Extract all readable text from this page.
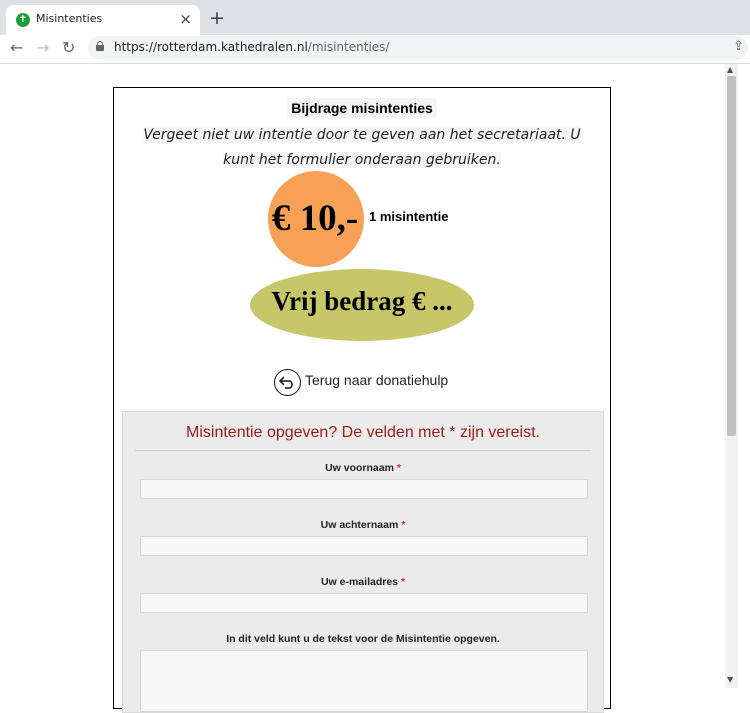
✝ Misintenties	× +
← → ↻	https://rotterdam.kathedralen.nl/misintenties/	⇪
▲
▼
Bijdrage misintenties
Vergeet niet uw intentie door te geven aan het secretariaat. U kunt het formulier onderaan gebruiken.
€ 10,- 1 misintentie
Vrij bedrag € ...
Terug naar donatiehulp
Misintentie opgeven? De velden met * zijn vereist.
Uw voornaam *
Uw achternaam *
Uw e-mailadres *
In dit veld kunt u de tekst voor de Misintentie opgeven.
